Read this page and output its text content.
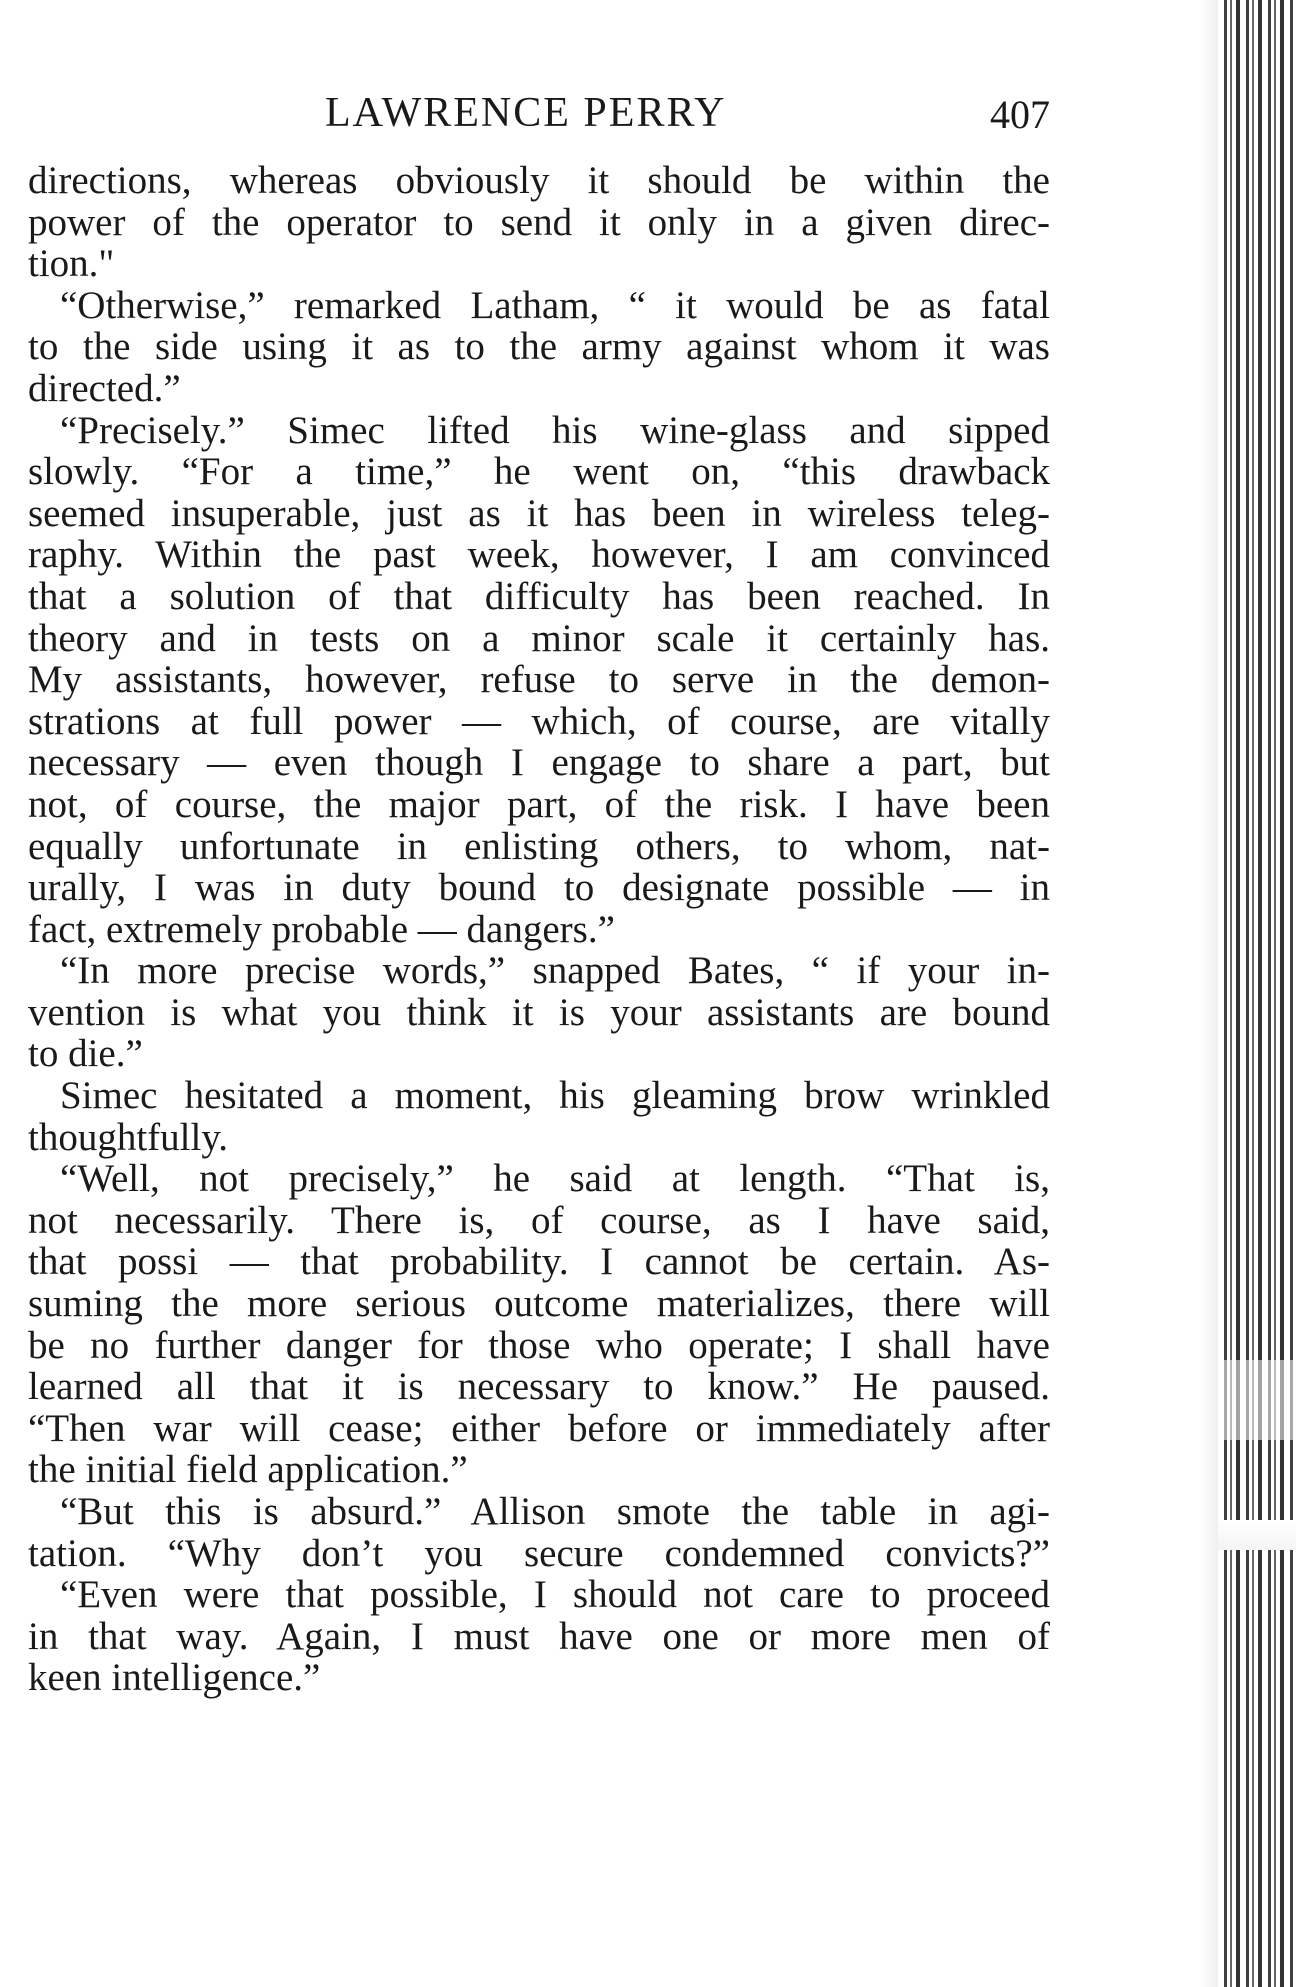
LAWRENCE PERRY	407
directions, whereas obviously it should be within the
power of the operator to send it only in a given direc-
tion."
“Otherwise,” remarked Latham, “ it would be as fatal
to the side using it as to the army against whom it was
directed.”
“Precisely.” Simec lifted his wine-glass and sipped
slowly. “For a time,” he went on, “this drawback
seemed insuperable, just as it has been in wireless teleg-
raphy. Within the past week, however, I am convinced
that a solution of that difficulty has been reached. In
theory and in tests on a minor scale it certainly has.
My assistants, however, refuse to serve in the demon-
strations at full power — which, of course, are vitally
necessary — even though I engage to share a part, but
not, of course, the major part, of the risk. I have been
equally unfortunate in enlisting others, to whom, nat-
urally, I was in duty bound to designate possible — in
fact, extremely probable — dangers.”
“In more precise words,” snapped Bates, “ if your in-
vention is what you think it is your assistants are bound
to die.”
Simec hesitated a moment, his gleaming brow wrinkled
thoughtfully.
“Well, not precisely,” he said at length. “That is,
not necessarily. There is, of course, as I have said,
that possi — that probability. I cannot be certain. As-
suming the more serious outcome materializes, there will
be no further danger for those who operate; I shall have
learned all that it is necessary to know.” He paused.
“Then war will cease; either before or immediately after
the initial field application.”
“But this is absurd.” Allison smote the table in agi-
tation. “Why don’t you secure condemned convicts?”
“Even were that possible, I should not care to proceed
in that way. Again, I must have one or more men of
keen intelligence.”
